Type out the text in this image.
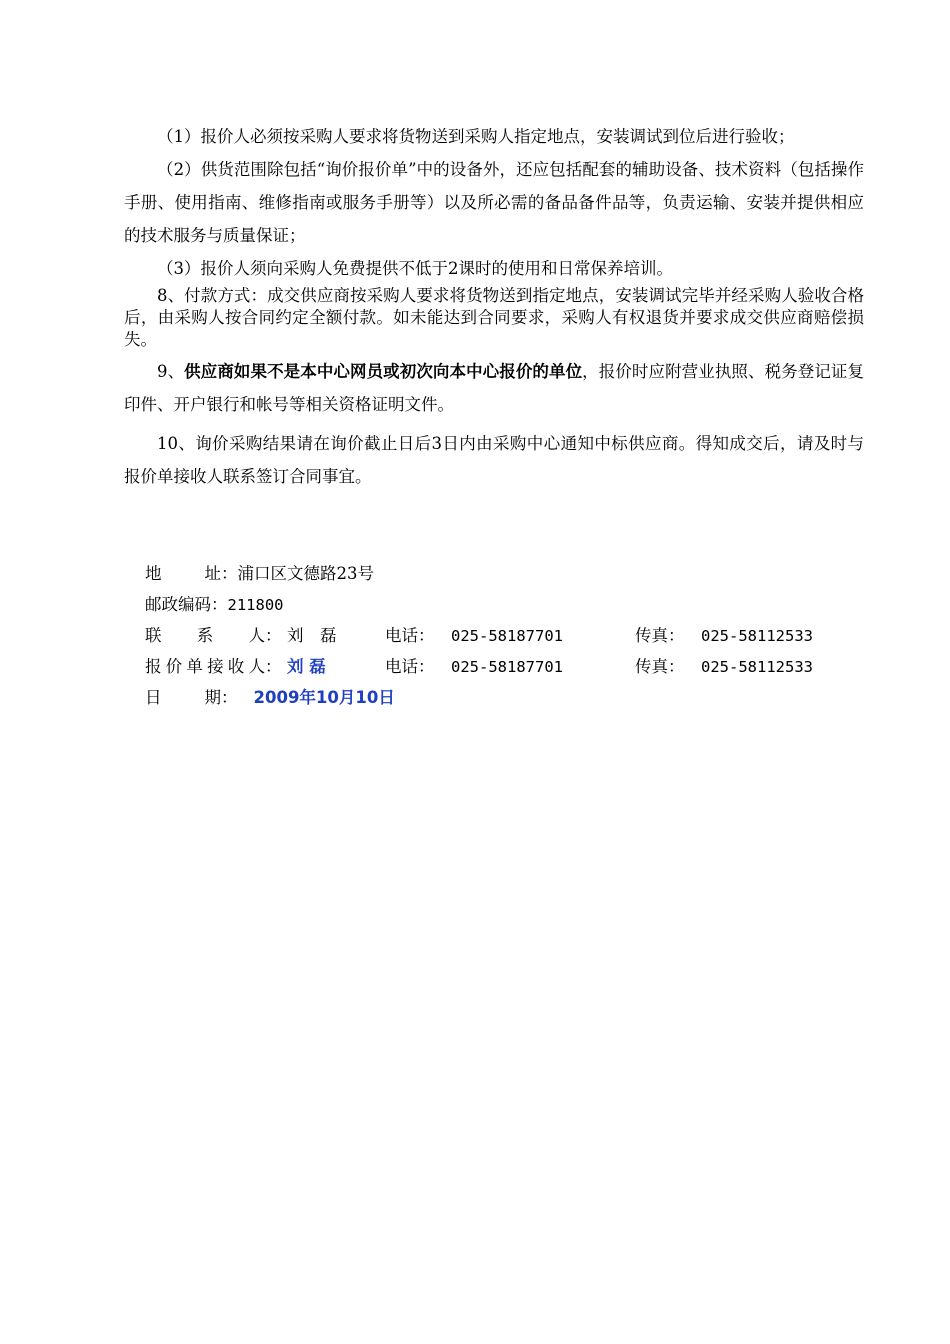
（1）报价人必须按采购人要求将货物送到采购人指定地点，安装调试到位后进行验收；

（2）供货范围除包括“询价报价单”中的设备外，还应包括配套的辅助设备、技术资料（包括操作手册、使用指南、维修指南或服务手册等）以及所必需的备品备件品等，负责运输、安装并提供相应的技术服务与质量保证；

（3）报价人须向采购人免费提供不低于2课时的使用和日常保养培训。

8、付款方式：成交供应商按采购人要求将货物送到指定地点，安装调试完毕并经采购人验收合格后，由采购人按合同约定全额付款。如未能达到合同要求，采购人有权退货并要求成交供应商赔偿损失。

9、供应商如果不是本中心网员或初次向本中心报价的单位，报价时应附营业执照、税务登记证复印件、开户银行和帐号等相关资格证明文件。

10、询价采购结果请在询价截止日后3日内由采购中心通知中标供应商。得知成交后，请及时与报价单接收人联系签订合同事宜。

地　　址 ： 浦口区文德路23号
邮政编码 ： 211800
联　系　人 ： 刘　磊	电话：	025-58187701	传真：	025-58112533
报价单接收人 ： 刘 磊	电话：	025-58187701	传真：	025-58112533
日　　期 ： 2009年10月10日
